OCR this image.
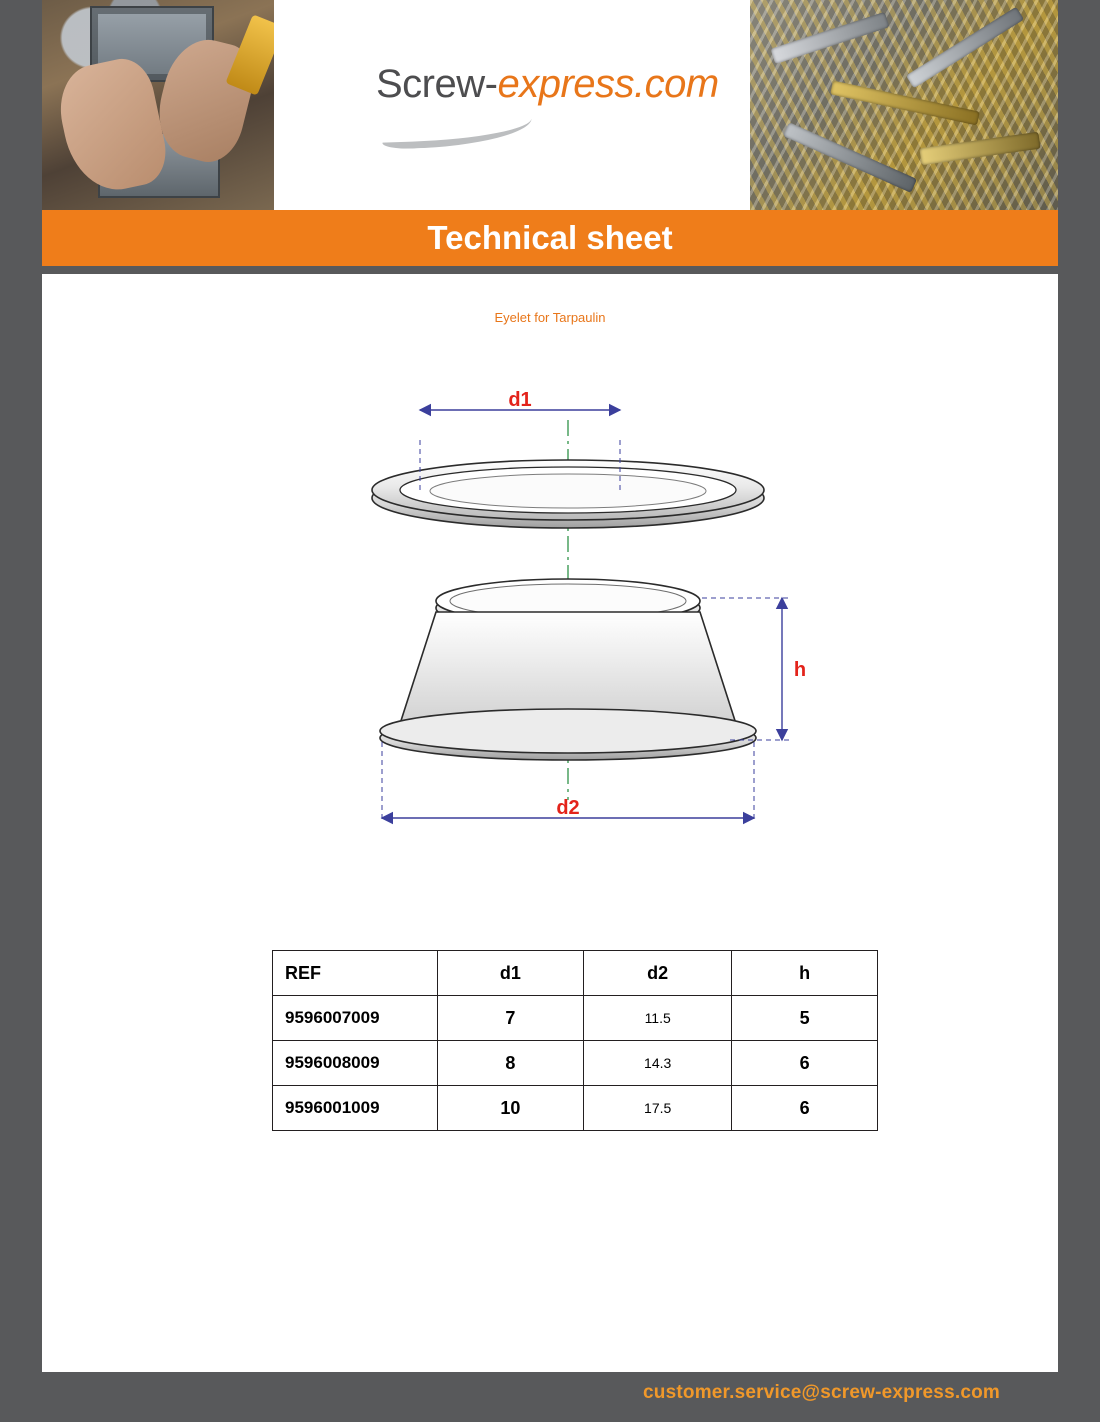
Screw-express.com
Technical sheet
Eyelet for Tarpaulin
d1
h
d2
REF	d1	d2	h
9596007009	7	11.5	5
9596008009	8	14.3	6
9596001009	10	17.5	6
customer.service@screw-express.com
